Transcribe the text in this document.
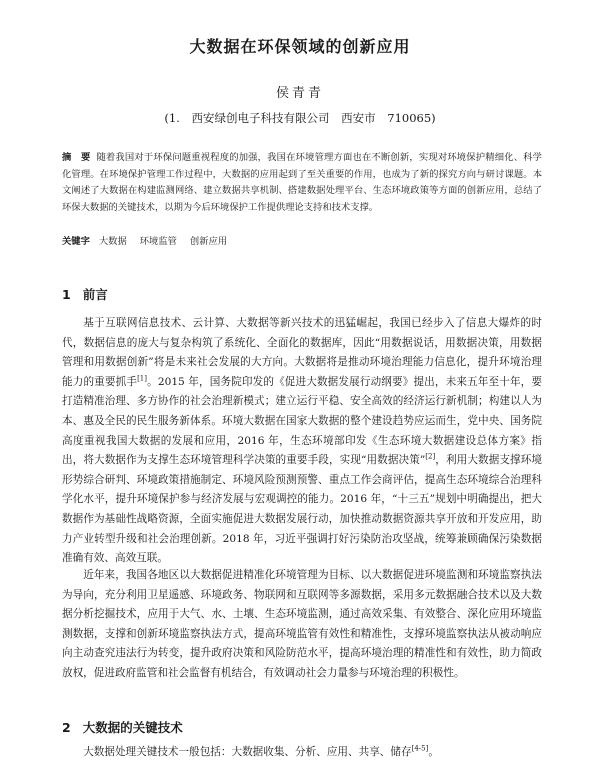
大数据在环保领域的创新应用
侯青青
(1. 西安绿创电子科技有限公司 西安市 710065)
摘　要 随着我国对于环保问题重视程度的加强，我国在环境管理方面也在不断创新，实现对环境保护精细化、科学化管理。在环境保护管理工作过程中，大数据的应用起到了至关重要的作用，也成为了新的探究方向与研讨课题。本文阐述了大数据在构建监测网络、建立数据共享机制、搭建数据处理平台、生态环境政策等方面的创新应用，总结了环保大数据的关键技术，以期为今后环境保护工作提供理论支持和技术支撑。
关键字 大数据 环境监管 创新应用
1 前言
基于互联网信息技术、云计算、大数据等新兴技术的迅猛崛起，我国已经步入了信息大爆炸的时代，数据信息的庞大与复杂构筑了系统化、全面化的数据库，因此“用数据说话，用数据决策，用数据管理和用数据创新”将是未来社会发展的大方向。大数据将是推动环境治理能力信息化，提升环境治理能力的重要抓手[1]。2015 年，国务院印发的《促进大数据发展行动纲要》提出，未来五年至十年，要打造精准治理、多方协作的社会治理新模式；建立运行平稳、安全高效的经济运行新机制；构建以人为本、惠及全民的民生服务新体系。环境大数据在国家大数据的整个建设趋势应运而生，党中央、国务院高度重视我国大数据的发展和应用，2016 年，生态环境部印发《生态环境大数据建设总体方案》指出，将大数据作为支撑生态环境管理科学决策的重要手段，实现“用数据决策”[2]，利用大数据支撑环境形势综合研判、环境政策措施制定、环境风险预测预警、重点工作会商评估，提高生态环境综合治理科学化水平，提升环境保护参与经济发展与宏观调控的能力。2016 年，“十三五”规划中明确提出，把大数据作为基础性战略资源，全面实施促进大数据发展行动，加快推动数据资源共享开放和开发应用，助力产业转型升级和社会治理创新。2018 年，习近平强调打好污染防治攻坚战，统筹兼顾确保污染数据准确有效、高效互联。
近年来，我国各地区以大数据促进精准化环境管理为目标、以大数据促进环境监测和环境监察执法为导向，充分利用卫星遥感、环境政务、物联网和互联网等多源数据，采用多元数据融合技术以及大数据分析挖掘技术，应用于大气、水、土壤、生态环境监测，通过高效采集、有效整合、深化应用环境监测数据，支撑和创新环境监察执法方式，提高环境监管有效性和精准性，支撑环境监察执法从被动响应向主动查究违法行为转变，提升政府决策和风险防范水平，提高环境治理的精准性和有效性，助力简政放权，促进政府监管和社会监督有机结合，有效调动社会力量参与环境治理的积极性。
2 大数据的关键技术
大数据处理关键技术一般包括：大数据收集、分析、应用、共享、储存[4-5]。
